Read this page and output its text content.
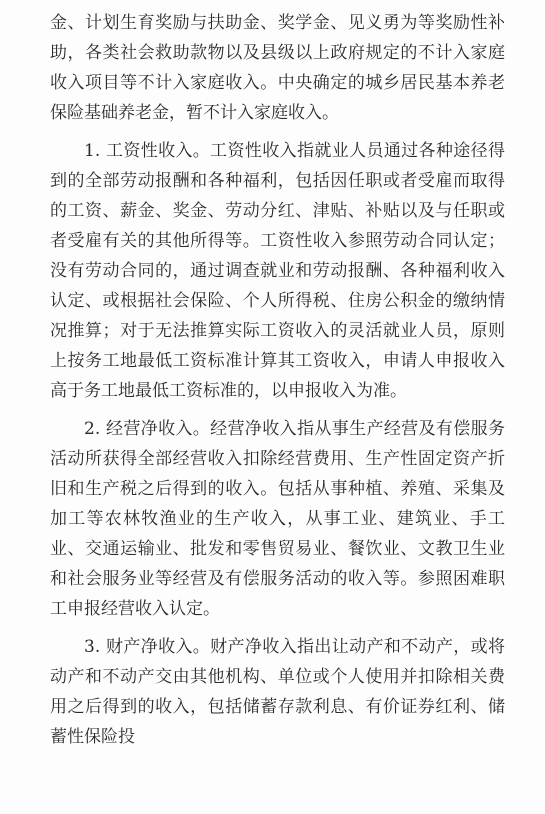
金、计划生育奖励与扶助金、奖学金、见义勇为等奖励性补助，各类社会救助款物以及县级以上政府规定的不计入家庭收入项目等不计入家庭收入。中央确定的城乡居民基本养老保险基础养老金，暂不计入家庭收入。

1. 工资性收入。工资性收入指就业人员通过各种途径得到的全部劳动报酬和各种福利，包括因任职或者受雇而取得的工资、薪金、奖金、劳动分红、津贴、补贴以及与任职或者受雇有关的其他所得等。工资性收入参照劳动合同认定；没有劳动合同的，通过调查就业和劳动报酬、各种福利收入认定、或根据社会保险、个人所得税、住房公积金的缴纳情况推算；对于无法推算实际工资收入的灵活就业人员，原则上按务工地最低工资标准计算其工资收入，申请人申报收入高于务工地最低工资标准的，以申报收入为准。

2. 经营净收入。经营净收入指从事生产经营及有偿服务活动所获得全部经营收入扣除经营费用、生产性固定资产折旧和生产税之后得到的收入。包括从事种植、养殖、采集及加工等农林牧渔业的生产收入，从事工业、建筑业、手工业、交通运输业、批发和零售贸易业、餐饮业、文教卫生业和社会服务业等经营及有偿服务活动的收入等。参照困难职工申报经营收入认定。

3. 财产净收入。财产净收入指出让动产和不动产，或将动产和不动产交由其他机构、单位或个人使用并扣除相关费用之后得到的收入，包括储蓄存款利息、有价证券红利、储蓄性保险投
